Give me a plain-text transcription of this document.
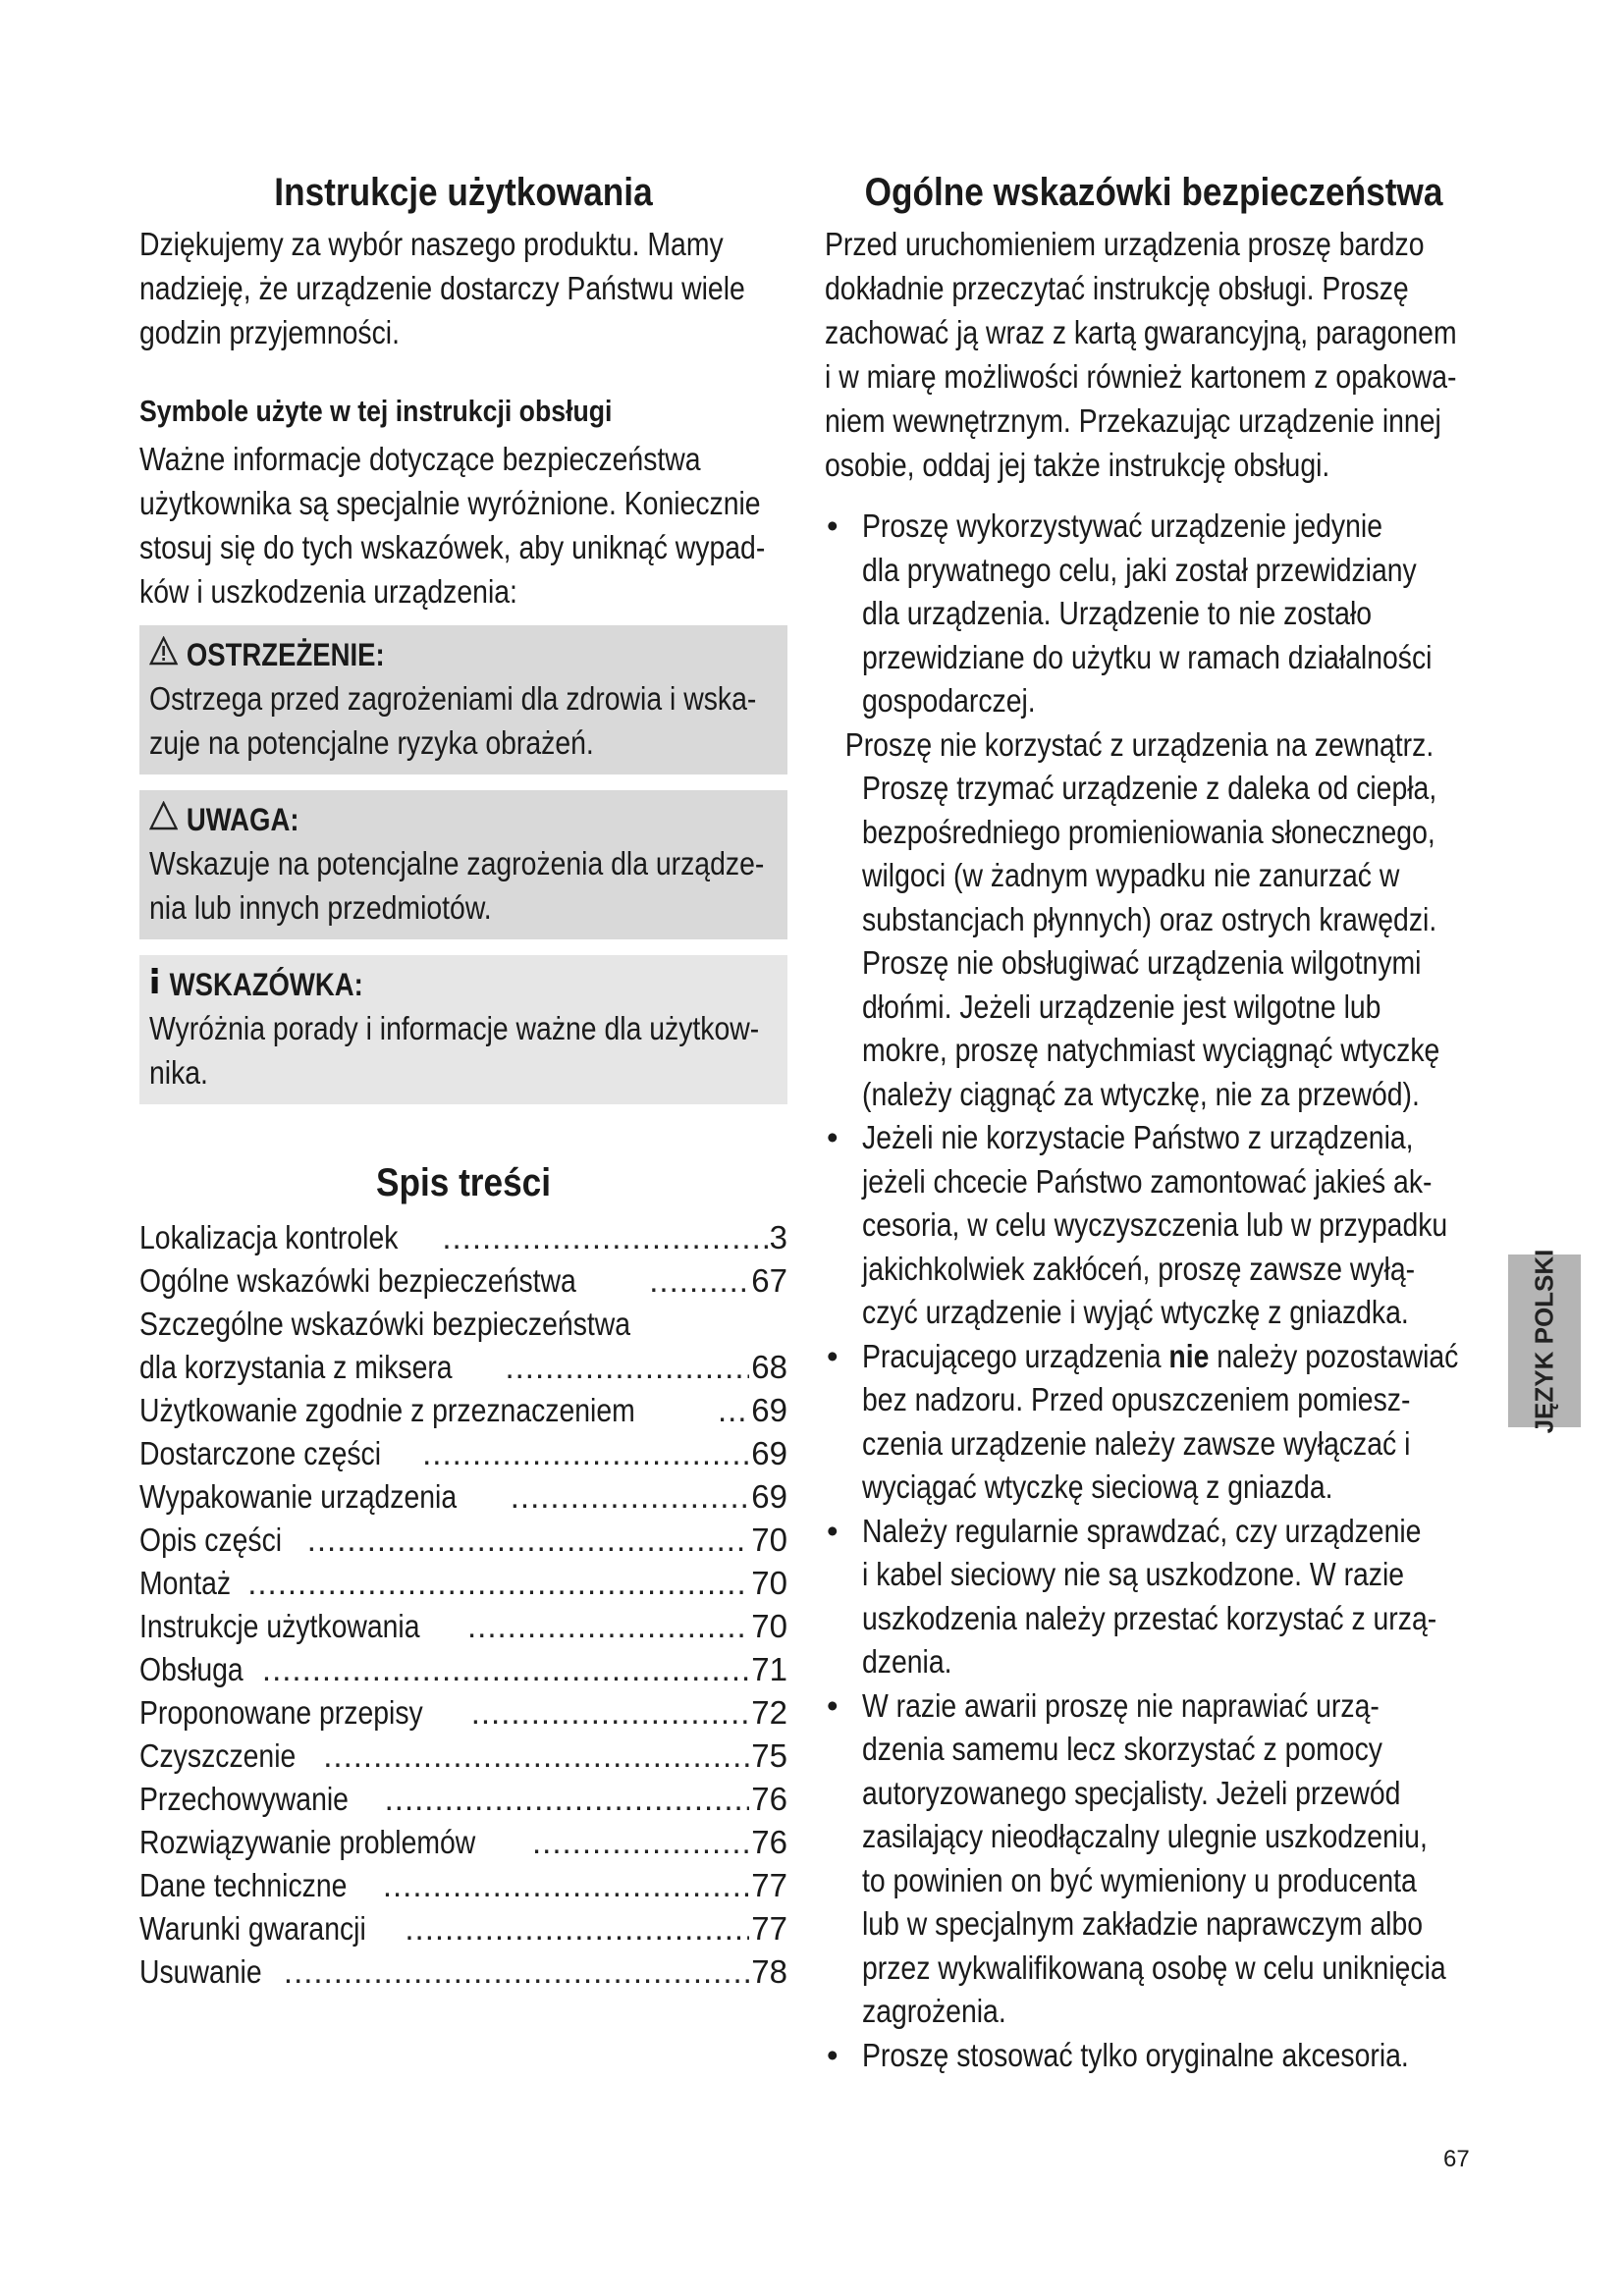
Instrukcje użytkowania
Dziękujemy za wybór naszego produktu. Mamy
nadzieję, że urządzenie dostarczy Państwu wiele
godzin przyjemności.
Symbole użyte w tej instrukcji obsługi
Ważne informacje dotyczące bezpieczeństwa
użytkownika są specjalnie wyróżnione. Koniecznie
stosuj się do tych wskazówek, aby uniknąć wypad-
ków i uszkodzenia urządzenia:
OSTRZEŻENIE:
Ostrzega przed zagrożeniami dla zdrowia i wska-
zuje na potencjalne ryzyka obrażeń.
UWAGA:
Wskazuje na potencjalne zagrożenia dla urządze-
nia lub innych przedmiotów.
WSKAZÓWKA:
Wyróżnia porady i informacje ważne dla użytkow-
nika.
Spis treści
Lokalizacja kontrolek .....	3
Ogólne wskazówki bezpieczeństwa .....	67
Szczególne wskazówki bezpieczeństwa
dla korzystania z miksera .....	68
Użytkowanie zgodnie z przeznaczeniem .....	69
Dostarczone części .....	69
Wypakowanie urządzenia .....	69
Opis części .....	70
Montaż .....	70
Instrukcje użytkowania .....	70
Obsługa .....	71
Proponowane przepisy .....	72
Czyszczenie .....	75
Przechowywanie .....	76
Rozwiązywanie problemów .....	76
Dane techniczne .....	77
Warunki gwarancji .....	77
Usuwanie .....	78
Ogólne wskazówki bezpieczeństwa
Przed uruchomieniem urządzenia proszę bardzo
dokładnie przeczytać instrukcję obsługi. Proszę
zachować ją wraz z kartą gwarancyjną, paragonem
i w miarę możliwości również kartonem z opakowa-
niem wewnętrznym. Przekazując urządzenie innej
osobie, oddaj jej także instrukcję obsługi.
• Proszę wykorzystywać urządzenie jedynie
dla prywatnego celu, jaki został przewidziany
dla urządzenia. Urządzenie to nie zostało
przewidziane do użytku w ramach działalności
gospodarczej.
Proszę nie korzystać z urządzenia na zewnątrz.
Proszę trzymać urządzenie z daleka od ciepła,
bezpośredniego promieniowania słonecznego,
wilgoci (w żadnym wypadku nie zanurzać w
substancjach płynnych) oraz ostrych krawędzi.
Proszę nie obsługiwać urządzenia wilgotnymi
dłońmi. Jeżeli urządzenie jest wilgotne lub
mokre, proszę natychmiast wyciągnąć wtyczkę
(należy ciągnąć za wtyczkę, nie za przewód).
• Jeżeli nie korzystacie Państwo z urządzenia,
jeżeli chcecie Państwo zamontować jakieś ak-
cesoria, w celu wyczyszczenia lub w przypadku
jakichkolwiek zakłóceń, proszę zawsze wyłą-
czyć urządzenie i wyjąć wtyczkę z gniazdka.
• Pracującego urządzenia nie należy pozostawiać
bez nadzoru. Przed opuszczeniem pomiesz-
czenia urządzenie należy zawsze wyłączać i
wyciągać wtyczkę sieciową z gniazda.
• Należy regularnie sprawdzać, czy urządzenie
i kabel sieciowy nie są uszkodzone. W razie
uszkodzenia należy przestać korzystać z urzą-
dzenia.
• W razie awarii proszę nie naprawiać urzą-
dzenia samemu lecz skorzystać z pomocy
autoryzowanego specjalisty. Jeżeli przewód
zasilający nieodłączalny ulegnie uszkodzeniu,
to powinien on być wymieniony u producenta
lub w specjalnym zakładzie naprawczym albo
przez wykwalifikowaną osobę w celu uniknięcia
zagrożenia.
• Proszę stosować tylko oryginalne akcesoria.
JĘZYK POLSKI
67
